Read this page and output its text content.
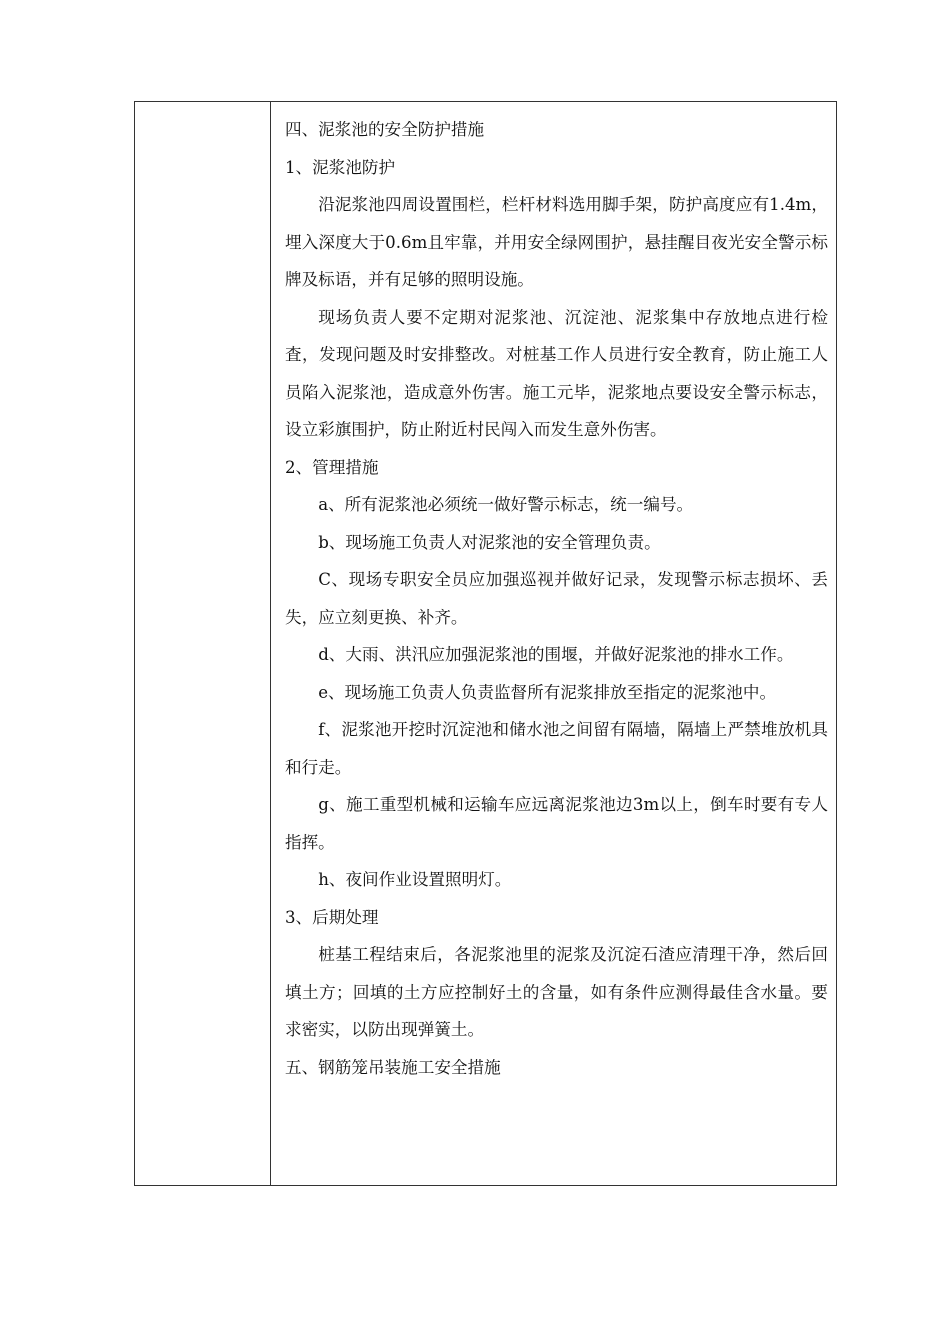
四、泥浆池的安全防护措施

1、泥浆池防护

沿泥浆池四周设置围栏，栏杆材料选用脚手架，防护高度应有1.4m，埋入深度大于0.6m且牢靠，并用安全绿网围护，悬挂醒目夜光安全警示标牌及标语，并有足够的照明设施。

现场负责人要不定期对泥浆池、沉淀池、泥浆集中存放地点进行检査，发现问题及时安排整改。对桩基工作人员进行安全教育，防止施工人员陷入泥浆池，造成意外伤害。施工元毕，泥浆地点要设安全警示标志，设立彩旗围护，防止附近村民闯入而发生意外伤害。

2、管理措施

a、所有泥浆池必须统一做好警示标志，统一编号。

b、现场施工负责人对泥浆池的安全管理负责。

C、现场专职安全员应加强巡视并做好记录，发现警示标志损坏、丢失，应立刻更换、补齐。

d、大雨、洪汛应加强泥浆池的围堰，并做好泥浆池的排水工作。

e、现场施工负责人负责监督所有泥浆排放至指定的泥浆池中。

f、泥浆池开挖时沉淀池和储水池之间留有隔墙，隔墙上严禁堆放机具和行走。

g、施工重型机械和运输车应远离泥浆池边3m以上，倒车时要有专人指挥。

h、夜间作业设置照明灯。

3、后期处理

桩基工程结束后，各泥浆池里的泥浆及沉淀石渣应清理干净，然后回填土方；回填的土方应控制好土的含量，如有条件应测得最佳含水量。要求密实，以防出现弹簧土。

五、钢筋笼吊装施工安全措施
